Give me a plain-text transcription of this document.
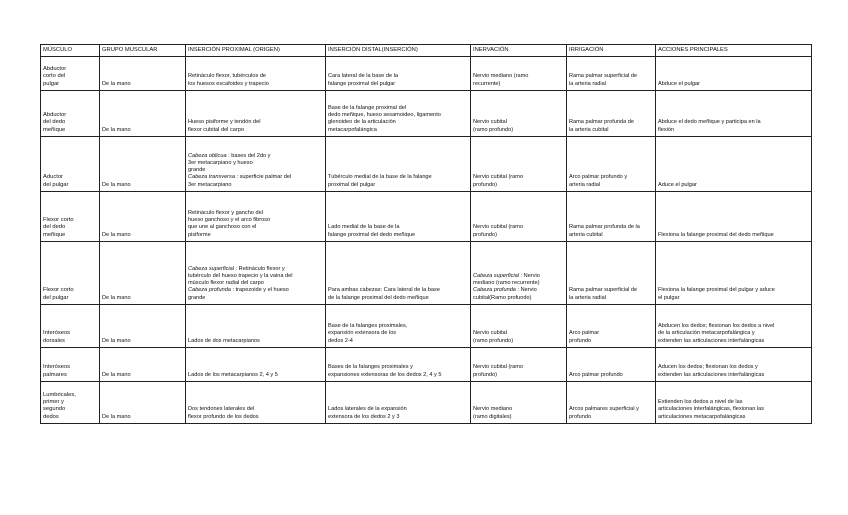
MÚSCULO	GRUPO MUSCULAR	INSERCIÓN PROXIMAL (ORIGEN)	INSERCIÓN DISTAL(INSERCIÓN)	INERVACIÓN	IRRIGACIÓN	ACCIONES PRINCIPALES

Abductor
corto del
pulgar	De la mano	Retináculo flexor, tubérculos de
los huesos escafoides y trapecio	Cara lateral de la base de la
falange proximal del pulgar	Nervio mediano (ramo
recurrente)	Rama palmar superficial de
la arteria radial	Abduce el pulgar

Abductor
del dedo
meñique	De la mano	Hueso pisiforme y tendón del
flexor cubital del carpo	Base de la falange proximal del
dedo meñique, hueso sesamoideo, ligamento
glenoideo de la articulación
metacarpofalángica	Nervio cubital
(ramo profundo)	Rama palmar profunda de
la arteria cubital	Abduce el dedo meñique y participa en la
flexión

Aductor
del pulgar	De la mano	Cabeza oblicua : bases del 2do y
3er metacarpiano y hueso
grande
Cabeza transversa : superficie palmar del
3er metacarpiano	Tubérculo medial de la base de la falange
proximal del pulgar	Nervio cubital (ramo
profundo)	Arco palmar profundo y
arteria radial	Aduce el pulgar

Flexor corto
del dedo
meñique	De la mano	Retináculo flexor y gancho del
hueso ganchoso y el arco fibroso
que une al ganchoso con el
pisiforme	Lado medial de la base de la
falange proximal del dedo meñique	Nervio cubital (ramo
profundo)	Rama palmar profunda de la
arteria cubital	Flexiona la falange proximal del dedo meñique

Flexor corto
del pulgar	De la mano	Cabeza superficial : Retináculo flexor y
tubérculo del hueso trapecio y la vaina del
músculo flexor radial del carpo
Cabeza profunda : trapezoide y el hueso
grande	Para ambas cabezas: Cara lateral de la base
de la falange proximal del dedo meñique	Cabeza superficial : Nervio
mediano (ramo recurrente)
Cabeza profunda : Nervio
cubital(Ramo profundo)	Rama palmar superficial de
la arteria radial	Flexiona la falange proximal del pulgar y aduce
el pulgar

Interóseos
dorsales	De la mano	Lados de dos metacarpianos	Base de la falanges proximales,
expansión extensora de los
dedos 2-4	Nervio cubital
(ramo profundo)	Arco palmar
profundo	Abducen los dedos; flexionan los dedos a nivel
de la articulación metacarpofalángica y
extienden las articulaciones interfalángicas

Interóseos
palmares	De la mano	Lados de los metacarpianos 2, 4 y 5	Bases de la falanges proximales y
expansiones extensoras de los dedos 2, 4 y 5	Nervio cubital (ramo
profundo)	Arco palmar profundo	Aducen los dedos; flexionan los dedos y
extienden las articulaciones interfalángicas

Lumbricales,
primer y
segundo
dedos	De la mano	Dos tendones laterales del
flexor profundo de los dedos	Lados laterales de la expansión
extensora de los dedos 2 y 3	Nervio mediano
(ramo digitales)	Arcos palmares superficial y
profundo	Extienden los dedos a nivel de las
articulaciones interfalángicas, flexionan las
articulaciones metacarpofalángicas
